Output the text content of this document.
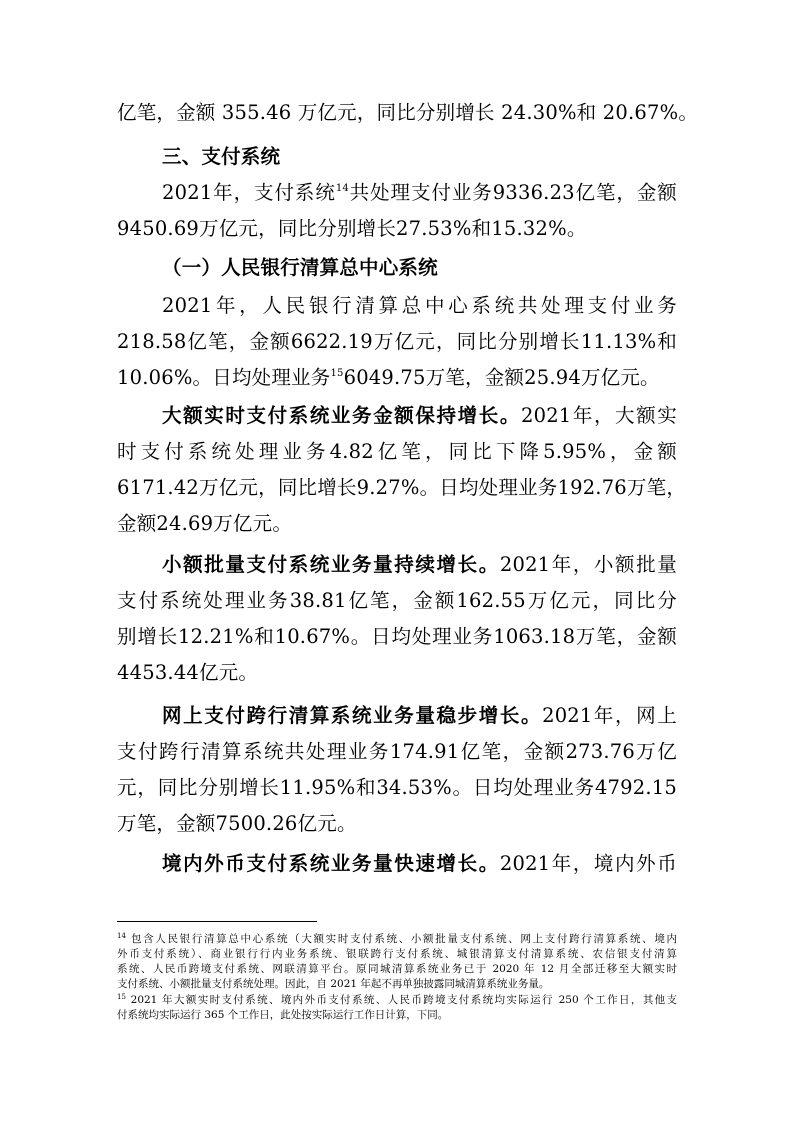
亿笔，金额 355.46 万亿元，同比分别增长 24.30%和 20.67%。
三、支付系统
2021年，支付系统$^{14}$共处理支付业务9336.23亿笔，金额
9450.69万亿元，同比分别增长27.53%和15.32%。
（一）人民银行清算总中心系统
2021年，人民银行清算总中心系统共处理支付业务
218.58亿笔，金额6622.19万亿元，同比分别增长11.13%和
10.06%。日均处理业务$^{15}$6049.75万笔，金额25.94万亿元。
大额实时支付系统业务金额保持增长。2021年，大额实
时支付系统处理业务4.82亿笔，同比下降5.95%，金额
6171.42万亿元，同比增长9.27%。日均处理业务192.76万笔，
金额24.69万亿元。
小额批量支付系统业务量持续增长。2021年，小额批量
支付系统处理业务38.81亿笔，金额162.55万亿元，同比分
别增长12.21%和10.67%。日均处理业务1063.18万笔，金额
4453.44亿元。
网上支付跨行清算系统业务量稳步增长。2021年，网上
支付跨行清算系统共处理业务174.91亿笔，金额273.76万亿
元，同比分别增长11.95%和34.53%。日均处理业务4792.15
万笔，金额7500.26亿元。
境内外币支付系统业务量快速增长。2021年，境内外币
$^{14}$ 包含人民银行清算总中心系统（大额实时支付系统、小额批量支付系统、网上支付跨行清算系统、境内
外币支付系统）、商业银行行内业务系统、银联跨行支付系统、城银清算支付清算系统、农信银支付清算
系统、人民币跨境支付系统、网联清算平台。原同城清算系统业务已于 2020 年 12 月全部迁移至大额实时
支付系统、小额批量支付系统处理。因此，自 2021 年起不再单独披露同城清算系统业务量。
$^{15}$ 2021 年大额实时支付系统、境内外币支付系统、人民币跨境支付系统均实际运行 250 个工作日，其他支
付系统均实际运行 365 个工作日，此处按实际运行工作日计算，下同。
